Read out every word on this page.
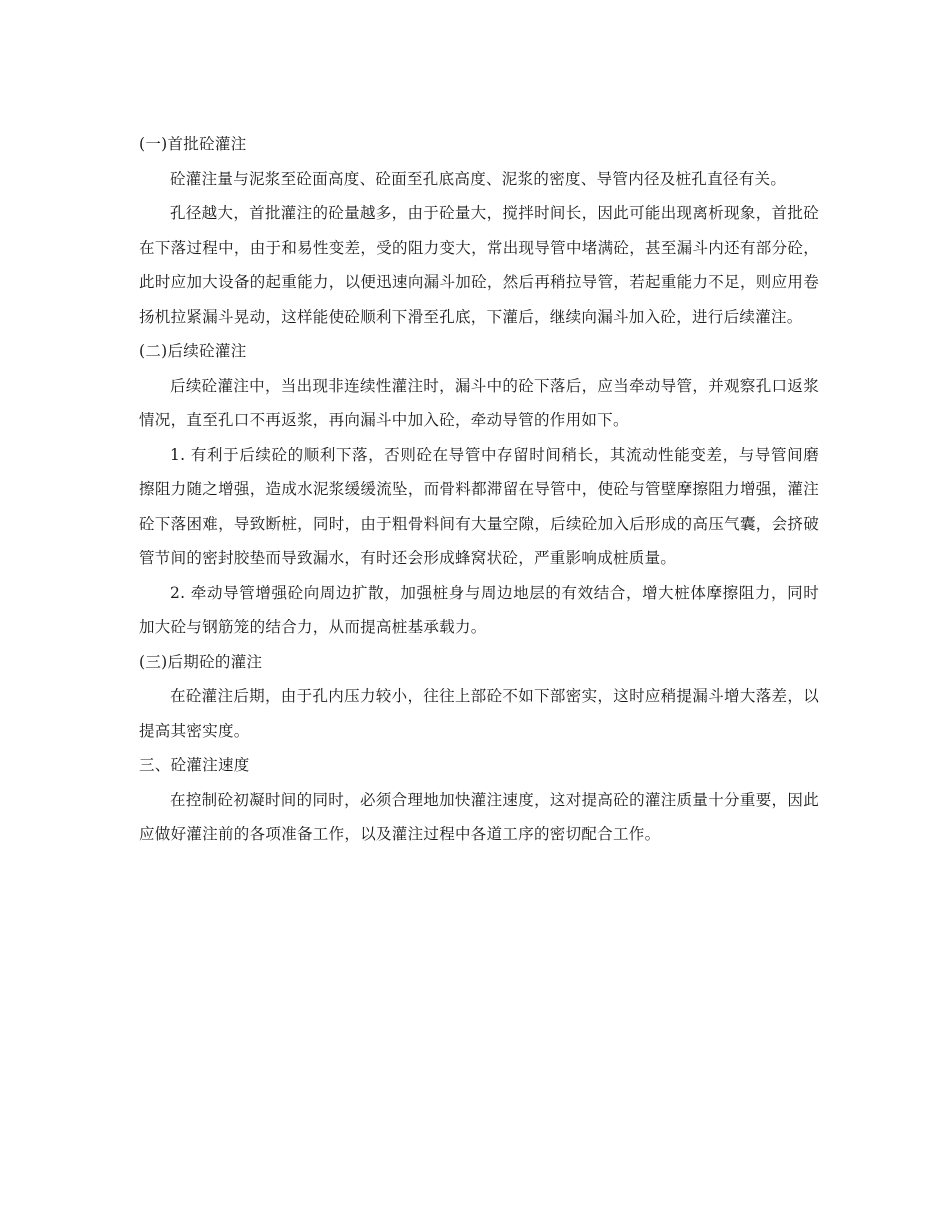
(一)首批砼灌注

砼灌注量与泥浆至砼面高度、砼面至孔底高度、泥浆的密度、导管内径及桩孔直径有关。

孔径越大，首批灌注的砼量越多，由于砼量大，搅拌时间长，因此可能出现离析现象，首批砼在下落过程中，由于和易性变差，受的阻力变大，常出现导管中堵满砼，甚至漏斗内还有部分砼，此时应加大设备的起重能力，以便迅速向漏斗加砼，然后再稍拉导管，若起重能力不足，则应用卷扬机拉紧漏斗晃动，这样能使砼顺利下滑至孔底，下灌后，继续向漏斗加入砼，进行后续灌注。

(二)后续砼灌注

后续砼灌注中，当出现非连续性灌注时，漏斗中的砼下落后，应当牵动导管，并观察孔口返浆情况，直至孔口不再返浆，再向漏斗中加入砼，牵动导管的作用如下。

1. 有利于后续砼的顺利下落，否则砼在导管中存留时间稍长，其流动性能变差，与导管间磨擦阻力随之增强，造成水泥浆缓缓流坠，而骨料都滞留在导管中，使砼与管壁摩擦阻力增强，灌注砼下落困难，导致断桩，同时，由于粗骨料间有大量空隙，后续砼加入后形成的高压气囊，会挤破管节间的密封胶垫而导致漏水，有时还会形成蜂窝状砼，严重影响成桩质量。

2. 牵动导管增强砼向周边扩散，加强桩身与周边地层的有效结合，增大桩体摩擦阻力，同时加大砼与钢筋笼的结合力，从而提高桩基承载力。

(三)后期砼的灌注

在砼灌注后期，由于孔内压力较小，往往上部砼不如下部密实，这时应稍提漏斗增大落差，以提高其密实度。

三、砼灌注速度

在控制砼初凝时间的同时，必须合理地加快灌注速度，这对提高砼的灌注质量十分重要，因此应做好灌注前的各项准备工作，以及灌注过程中各道工序的密切配合工作。
